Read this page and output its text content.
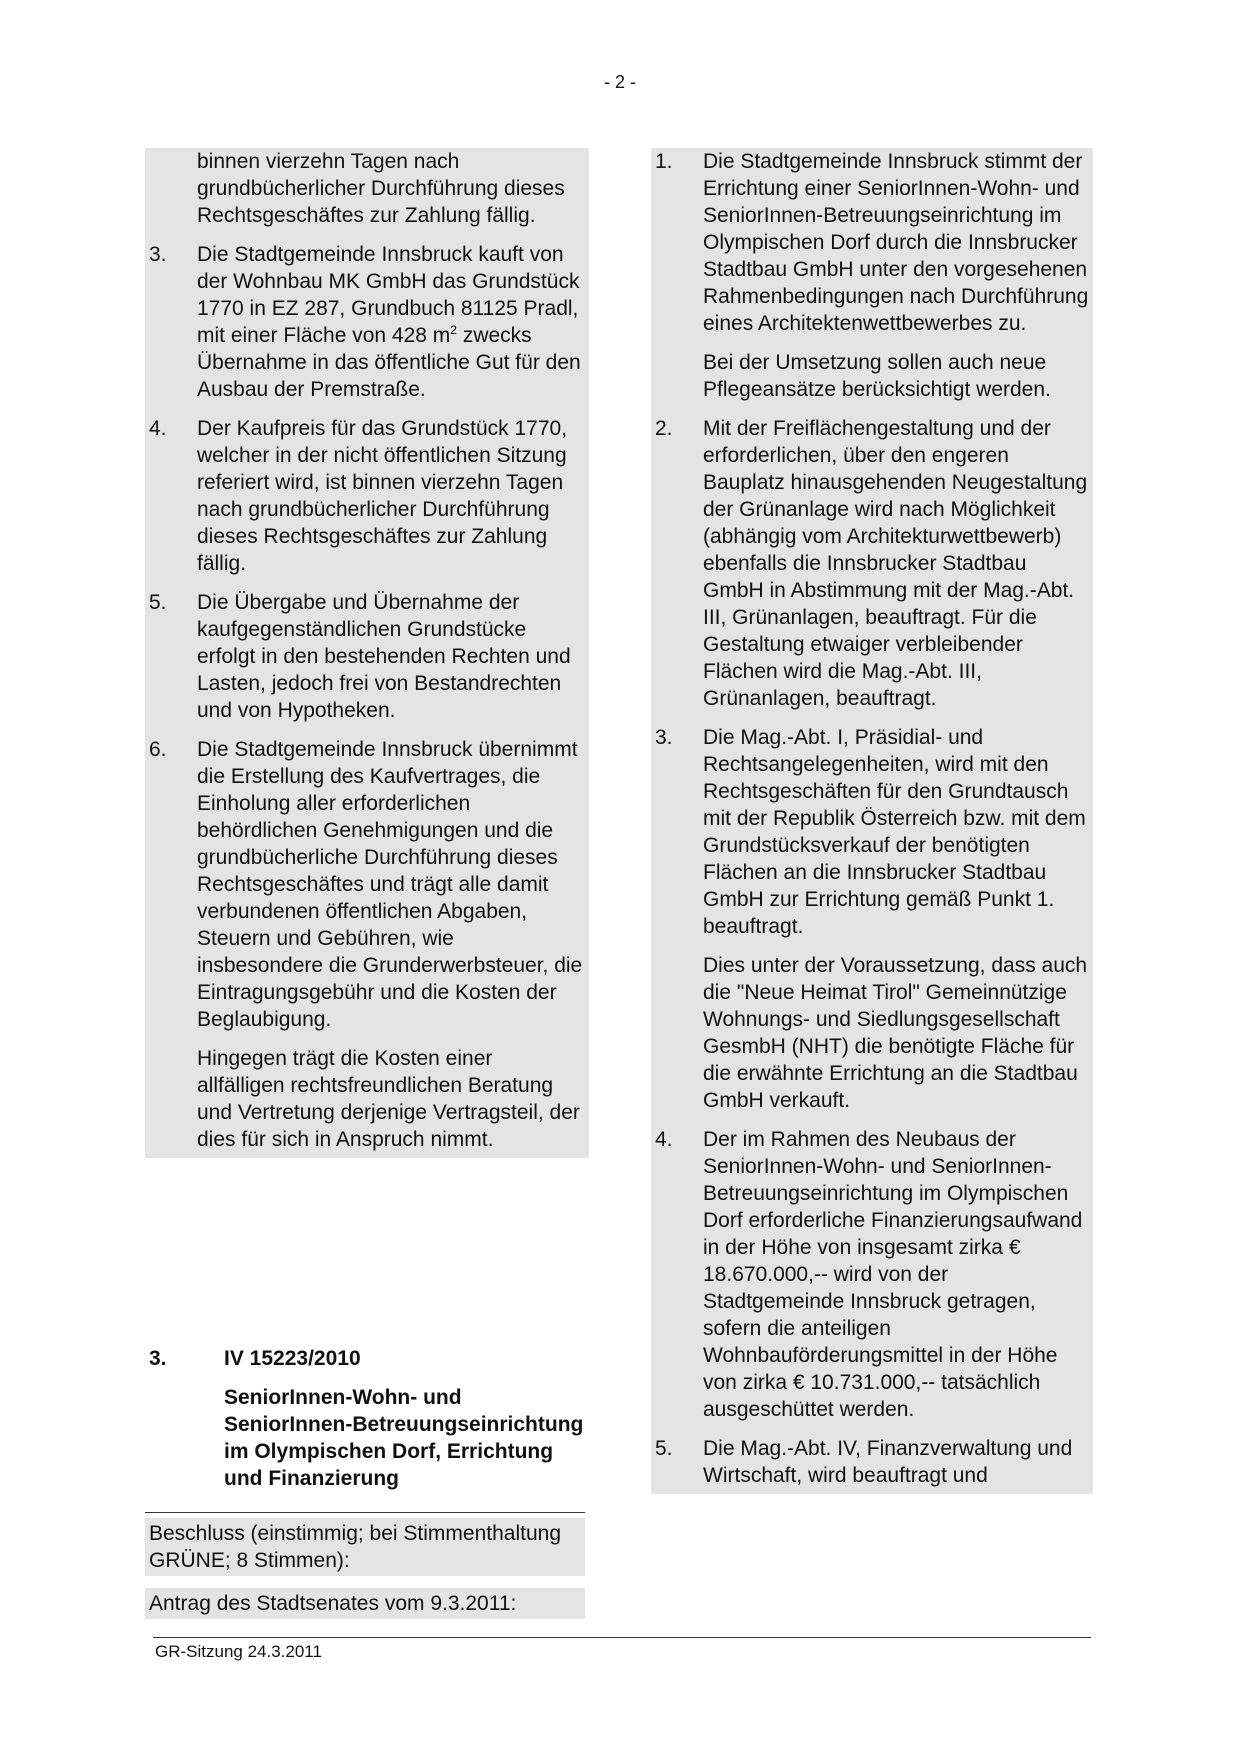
- 2 -
binnen vierzehn Tagen nach grundbücherlicher Durchführung dieses Rechtsgeschäftes zur Zahlung fällig.
3.	Die Stadtgemeinde Innsbruck kauft von der Wohnbau MK GmbH das Grundstück 1770 in EZ 287, Grundbuch 81125 Pradl, mit einer Fläche von 428 $m^2$ zwecks Übernahme in das öffentliche Gut für den Ausbau der Premstraße.
4.	Der Kaufpreis für das Grundstück 1770, welcher in der nicht öffentlichen Sitzung referiert wird, ist binnen vierzehn Tagen nach grundbücherlicher Durchführung dieses Rechtsgeschäftes zur Zahlung fällig.
5.	Die Übergabe und Übernahme der kaufgegenständlichen Grundstücke erfolgt in den bestehenden Rechten und Lasten, jedoch frei von Bestandrechten und von Hypotheken.
6.	Die Stadtgemeinde Innsbruck übernimmt die Erstellung des Kaufvertrages, die Einholung aller erforderlichen behördlichen Genehmigungen und die grundbücherliche Durchführung dieses Rechtsgeschäftes und trägt alle damit verbundenen öffentlichen Abgaben, Steuern und Gebühren, wie insbesondere die Grunderwerbsteuer, die Eintragungsgebühr und die Kosten der Beglaubigung.
Hingegen trägt die Kosten einer allfälligen rechtsfreundlichen Beratung und Vertretung derjenige Vertragsteil, der dies für sich in Anspruch nimmt.
3.	IV 15223/2010
SeniorInnen-Wohn- und SeniorInnen-Betreuungseinrichtung im Olympischen Dorf, Errichtung und Finanzierung
Beschluss (einstimmig; bei Stimmenthaltung GRÜNE; 8 Stimmen):
Antrag des Stadtsenates vom 9.3.2011:
1.	Die Stadtgemeinde Innsbruck stimmt der Errichtung einer SeniorInnen-Wohn- und SeniorInnen-Betreuungseinrichtung im Olympischen Dorf durch die Innsbrucker Stadtbau GmbH unter den vorgesehenen Rahmenbedingungen nach Durchführung eines Architektenwettbewerbes zu.
Bei der Umsetzung sollen auch neue Pflegeansätze berücksichtigt werden.
2.	Mit der Freiflächengestaltung und der erforderlichen, über den engeren Bauplatz hinausgehenden Neugestaltung der Grünanlage wird nach Möglichkeit (abhängig vom Architekturwettbewerb) ebenfalls die Innsbrucker Stadtbau GmbH in Abstimmung mit der Mag.-Abt. III, Grünanlagen, beauftragt. Für die Gestaltung etwaiger verbleibender Flächen wird die Mag.-Abt. III, Grünanlagen, beauftragt.
3.	Die Mag.-Abt. I, Präsidial- und Rechtsangelegenheiten, wird mit den Rechtsgeschäften für den Grundtausch mit der Republik Österreich bzw. mit dem Grundstücksverkauf der benötigten Flächen an die Innsbrucker Stadtbau GmbH zur Errichtung gemäß Punkt 1. beauftragt.
Dies unter der Voraussetzung, dass auch die "Neue Heimat Tirol" Gemeinnützige Wohnungs- und Siedlungsgesellschaft GesmbH (NHT) die benötigte Fläche für die erwähnte Errichtung an die Stadtbau GmbH verkauft.
4.	Der im Rahmen des Neubaus der SeniorInnen-Wohn- und SeniorInnen-Betreuungseinrichtung im Olympischen Dorf erforderliche Finanzierungsaufwand in der Höhe von insgesamt zirka € 18.670.000,-- wird von der Stadtgemeinde Innsbruck getragen, sofern die anteiligen Wohnbauförderungsmittel in der Höhe von zirka € 10.731.000,-- tatsächlich ausgeschüttet werden.
5.	Die Mag.-Abt. IV, Finanzverwaltung und Wirtschaft, wird beauftragt und
GR-Sitzung 24.3.2011
